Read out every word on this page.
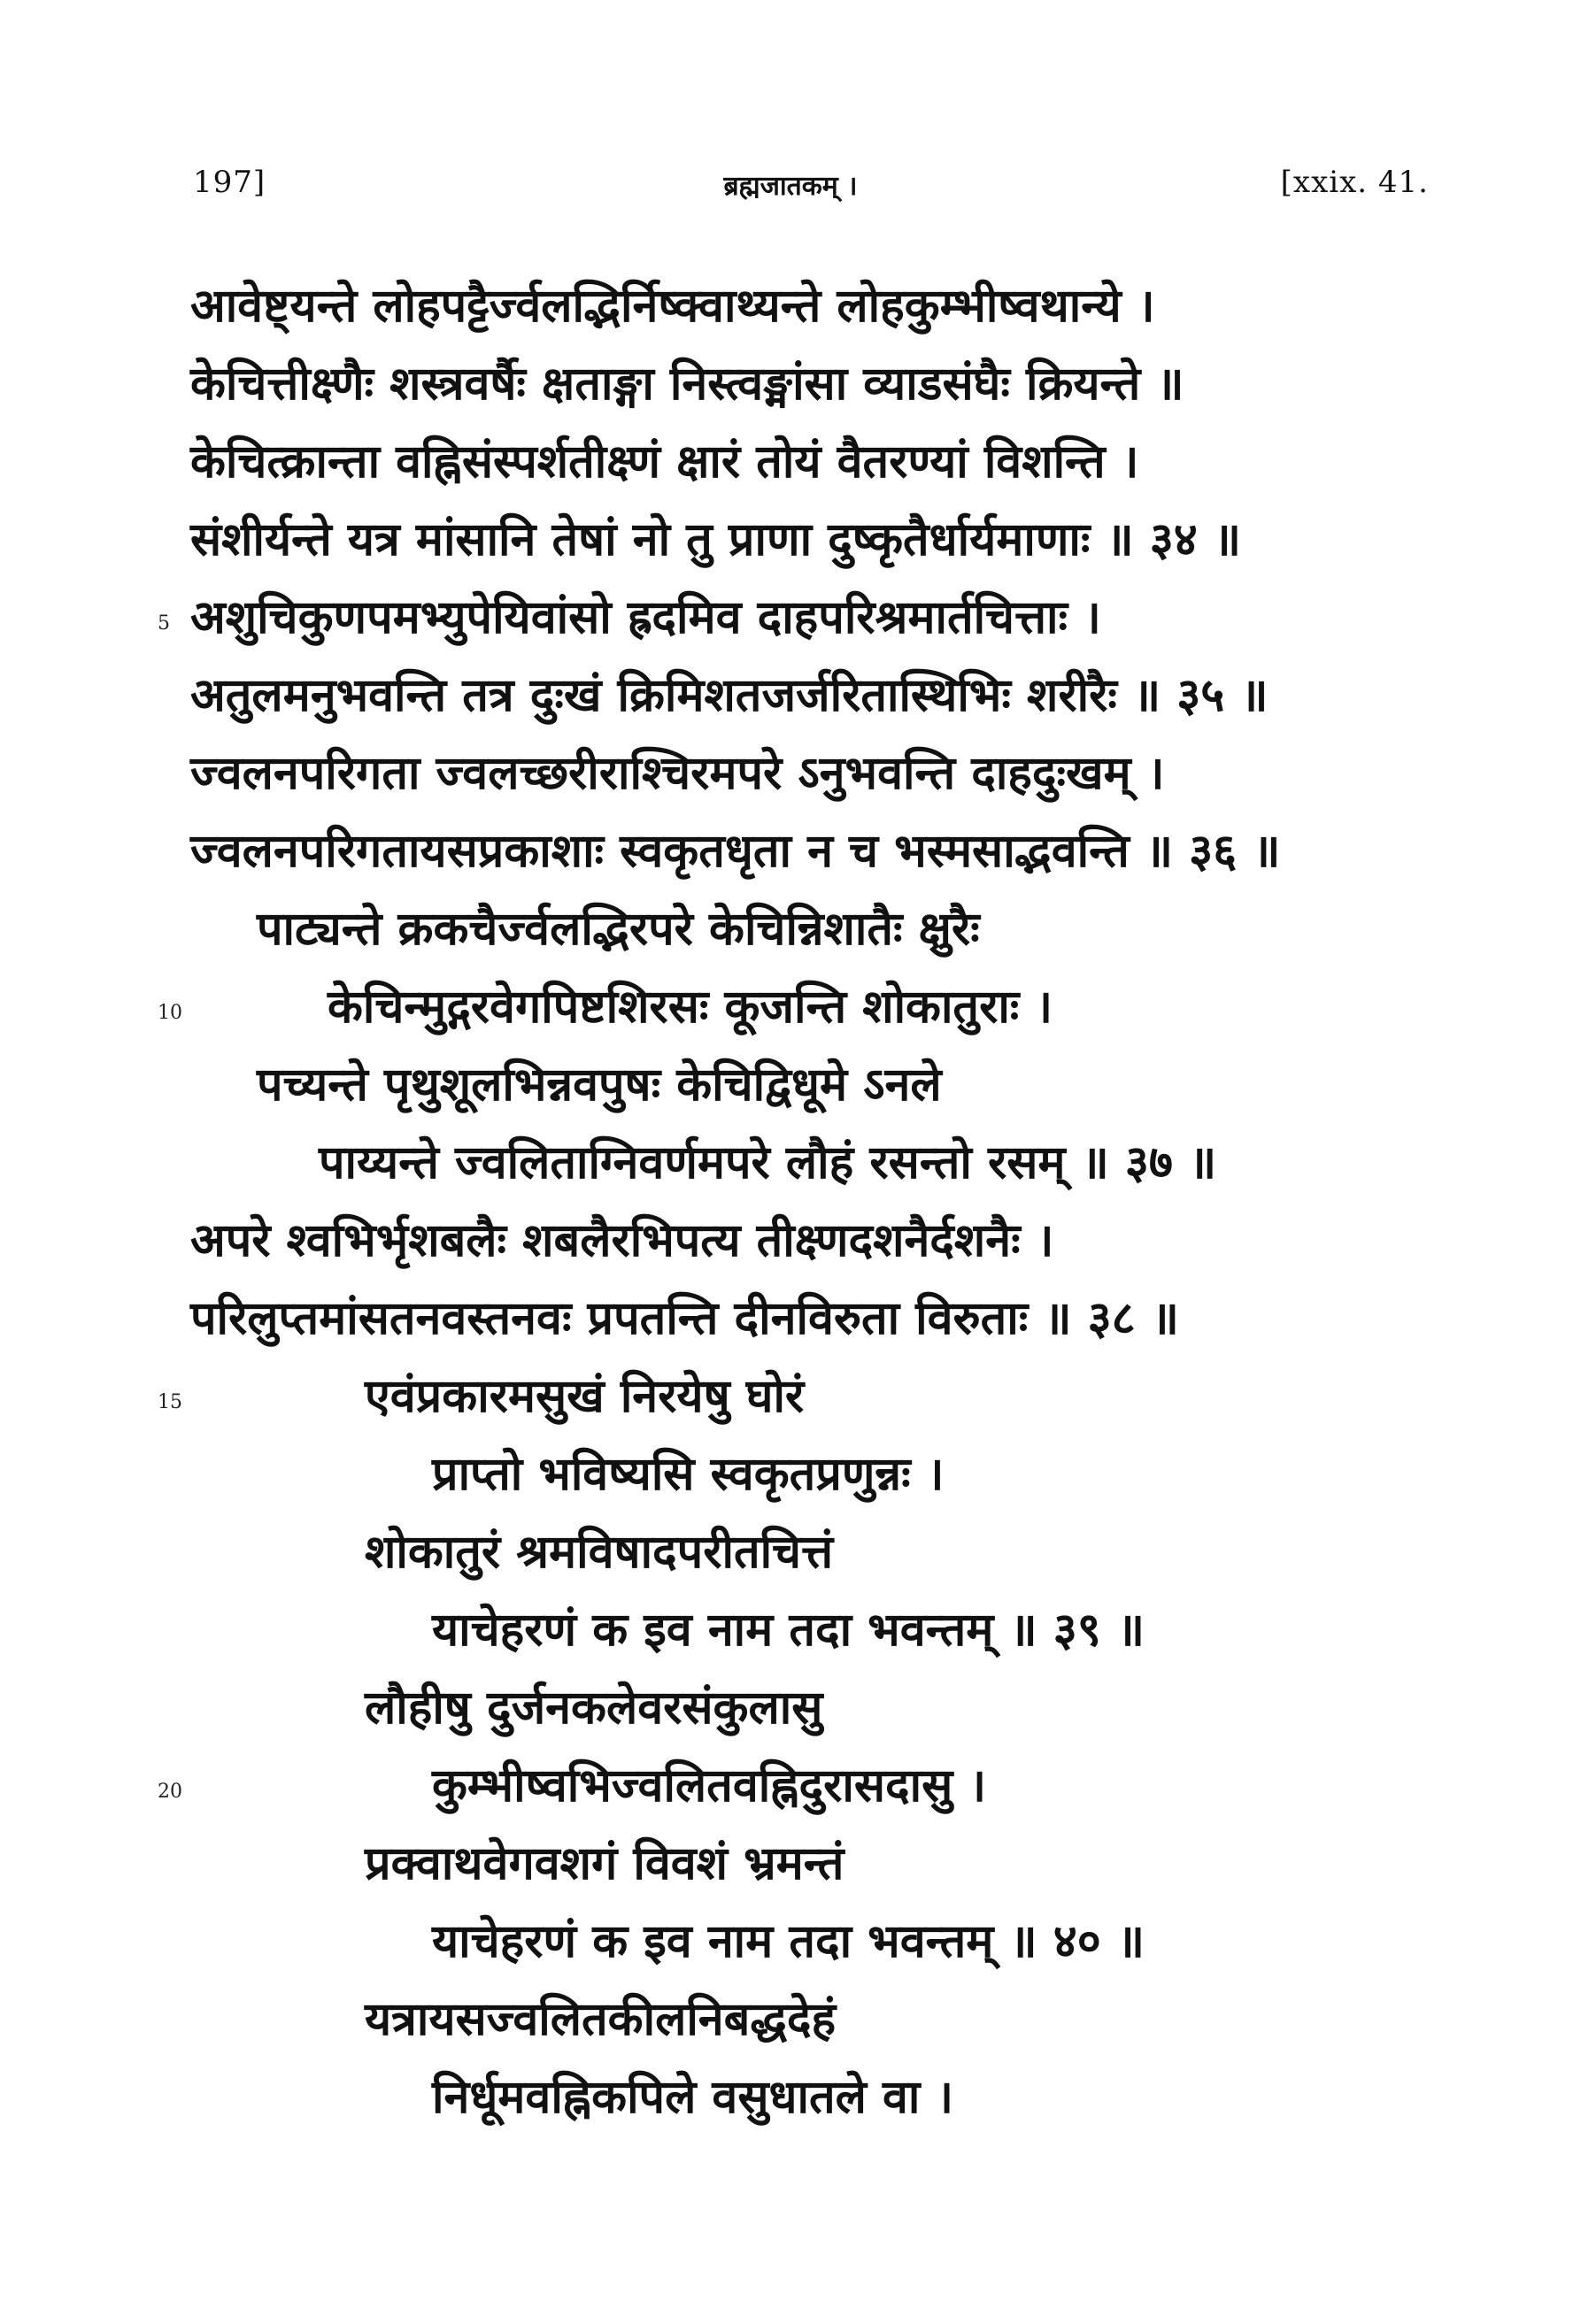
197]	ब्रह्मजातकम् ।	[xxix. 41.
आवेष्ट्यन्ते लोहपट्टैर्ज्वलद्भिर्निष्क्वाथ्यन्ते लोहकुम्भीष्वथान्ये ।
केचित्तीक्ष्णैः शस्त्रवर्षैः क्षताङ्गा निस्त्वङ्मांसा व्याडसंघैः क्रियन्ते ॥
केचित्क्रान्ता वह्निसंस्पर्शतीक्ष्णं क्षारं तोयं वैतरण्यां विशन्ति ।
संशीर्यन्ते यत्र मांसानि तेषां नो तु प्राणा दुष्कृतैर्धार्यमाणाः ॥ ३४ ॥
अशुचिकुणपमभ्युपेयिवांसो ह्रदमिव दाहपरिश्रमार्तचित्ताः ।
अतुलमनुभवन्ति तत्र दुःखं क्रिमिशतजर्जरितास्थिभिः शरीरैः ॥ ३५ ॥
ज्वलनपरिगता ज्वलच्छरीराश्चिरमपरे ऽनुभवन्ति दाहदुःखम् ।
ज्वलनपरिगतायसप्रकाशाः स्वकृतधृता न च भस्मसाद्भवन्ति ॥ ३६ ॥
पाट्यन्ते क्रकचैर्ज्वलद्भिरपरे केचिन्निशातैः क्षुरैः
केचिन्मुद्गरवेगपिष्टशिरसः कूजन्ति शोकातुराः ।
पच्यन्ते पृथुशूलभिन्नवपुषः केचिद्विधूमे ऽनले
पाय्यन्ते ज्वलिताग्निवर्णमपरे लौहं रसन्तो रसम् ॥ ३७ ॥
अपरे श्वभिर्भृशबलैः शबलैरभिपत्य तीक्ष्णदशनैर्दशनैः ।
परिलुप्तमांसतनवस्तनवः प्रपतन्ति दीनविरुता विरुताः ॥ ३८ ॥
एवंप्रकारमसुखं निरयेषु घोरं
प्राप्तो भविष्यसि स्वकृतप्रणुन्नः ।
शोकातुरं श्रमविषादपरीतचित्तं
याचेहरणं क इव नाम तदा भवन्तम् ॥ ३९ ॥
लौहीषु दुर्जनकलेवरसंकुलासु
कुम्भीष्वभिज्वलितवह्निदुरासदासु ।
प्रक्वाथवेगवशगं विवशं भ्रमन्तं
याचेहरणं क इव नाम तदा भवन्तम् ॥ ४० ॥
यत्रायसज्वलितकीलनिबद्धदेहं
निर्धूमवह्निकपिले वसुधातले वा ।
5
10
15
20
